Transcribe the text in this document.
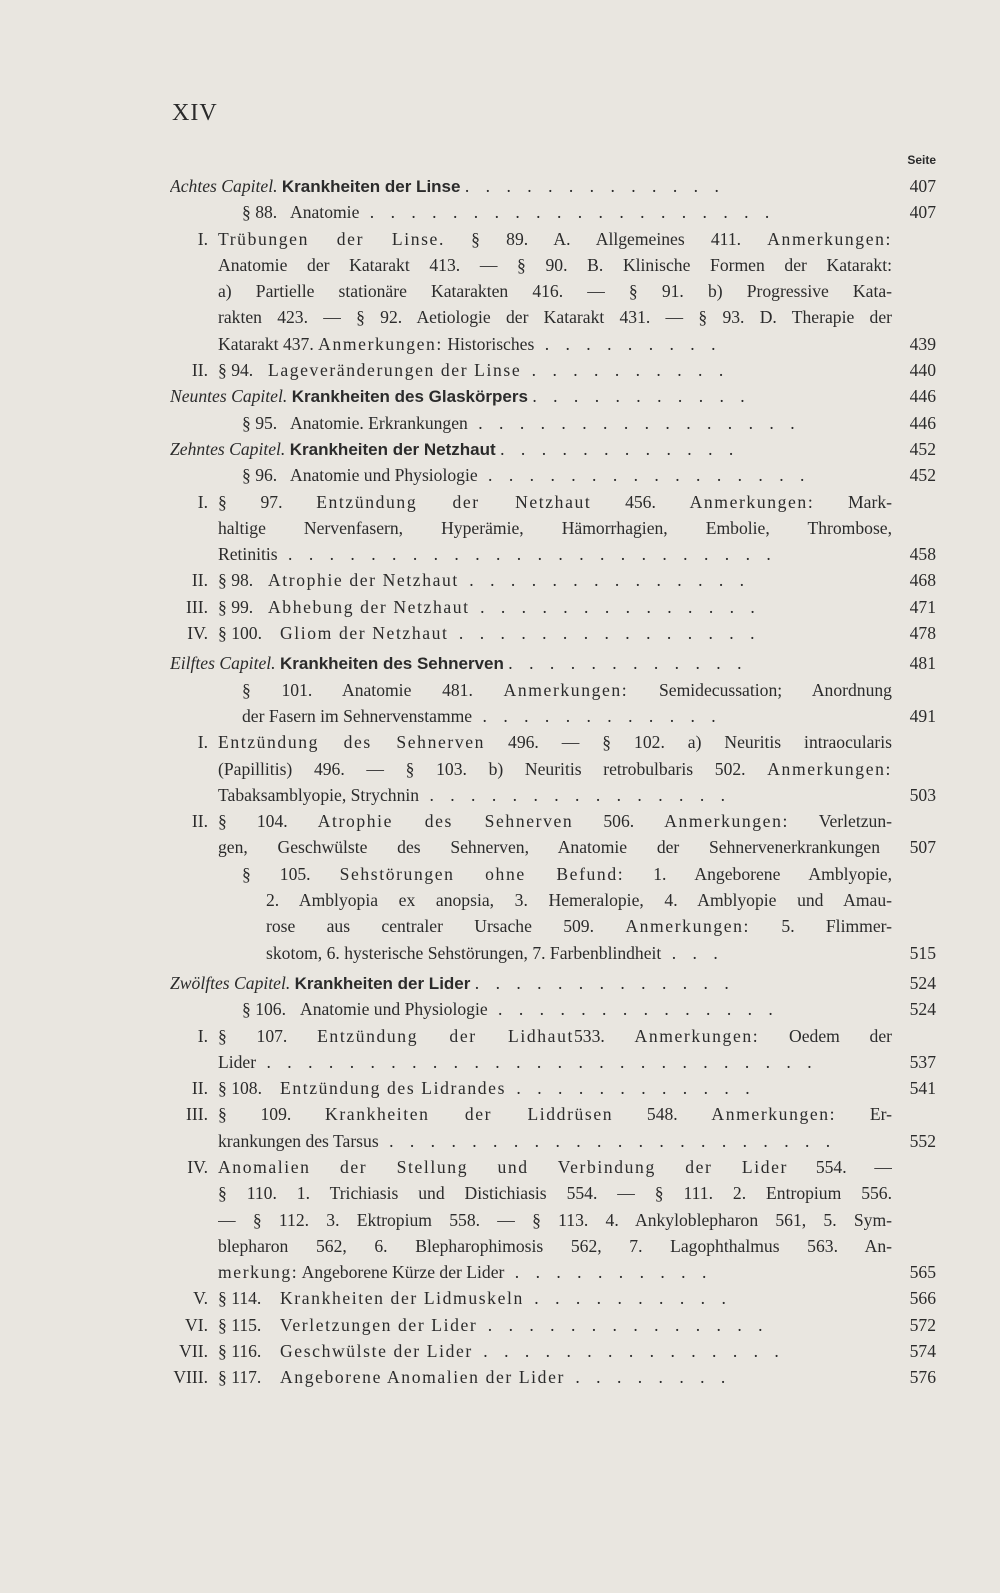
XIV
Seite
Achtes Capitel. Krankheiten der Linse . . . . . . . . . . . . .	407
§ 88. Anatomie . . . . . . . . . . . . . . . . . . . .	407
I. Trübungen der Linse. § 89. A. Allgemeines 411. Anmerkungen:
Anatomie der Katarakt 413. — § 90. B. Klinische Formen der Katarakt:
a) Partielle stationäre Katarakten 416. — § 91. b) Progressive Kata-
rakten 423. — § 92. Aetiologie der Katarakt 431. — § 93. D. Therapie der
Katarakt 437. Anmerkungen: Historisches . . . . . . . . .	439
II. § 94. Lageveränderungen der Linse . . . . . . . . . .	440
Neuntes Capitel. Krankheiten des Glaskörpers . . . . . . . . . . .	446
§ 95. Anatomie. Erkrankungen . . . . . . . . . . . . . . . .	446
Zehntes Capitel. Krankheiten der Netzhaut . . . . . . . . . . . .	452
§ 96. Anatomie und Physiologie . . . . . . . . . . . . . . . .	452
I. § 97. Entzündung der Netzhaut 456. Anmerkungen: Mark-
haltige Nervenfasern, Hyperämie, Hämorrhagien, Embolie, Thrombose,
Retinitis . . . . . . . . . . . . . . . . . . . . . . . .	458
II. § 98. Atrophie der Netzhaut . . . . . . . . . . . . . .	468
III. § 99. Abhebung der Netzhaut . . . . . . . . . . . . . .	471
IV. § 100. Gliom der Netzhaut . . . . . . . . . . . . . . .	478
Eilftes Capitel. Krankheiten des Sehnerven . . . . . . . . . . . .	481
§ 101. Anatomie 481. Anmerkungen: Semidecussation; Anordnung
der Fasern im Sehnervenstamme . . . . . . . . . . . .	491
I. Entzündung des Sehnerven 496. — § 102. a) Neuritis intraocularis
(Papillitis) 496. — § 103. b) Neuritis retrobulbaris 502. Anmerkungen:
Tabaksamblyopie, Strychnin . . . . . . . . . . . . . . .	503
II. § 104. Atrophie des Sehnerven 506. Anmerkungen: Verletzun-
gen, Geschwülste des Sehnerven, Anatomie der Sehnervenerkrankungen	507
§ 105. Sehstörungen ohne Befund: 1. Angeborene Amblyopie,
2. Amblyopia ex anopsia, 3. Hemeralopie, 4. Amblyopie und Amau-
rose aus centraler Ursache 509. Anmerkungen: 5. Flimmer-
skotom, 6. hysterische Sehstörungen, 7. Farbenblindheit . . .	515
Zwölftes Capitel. Krankheiten der Lider . . . . . . . . . . . . .	524
§ 106. Anatomie und Physiologie . . . . . . . . . . . . . .	524
I. § 107. Entzündung der Lidhaut533. Anmerkungen: Oedem der
Lider . . . . . . . . . . . . . . . . . . . . . . . . . . .	537
II. § 108. Entzündung des Lidrandes . . . . . . . . . . . .	541
III. § 109. Krankheiten der Liddrüsen 548. Anmerkungen: Er-
krankungen des Tarsus . . . . . . . . . . . . . . . . . . . . . .	552
IV. Anomalien der Stellung und Verbindung der Lider 554. —
§ 110. 1. Trichiasis und Distichiasis 554. — § 111. 2. Entropium 556.
— § 112. 3. Ektropium 558. — § 113. 4. Ankyloblepharon 561, 5. Sym-
blepharon 562, 6. Blepharophimosis 562, 7. Lagophthalmus 563. An-
merkung: Angeborene Kürze der Lider . . . . . . . . . .	565
V. § 114. Krankheiten der Lidmuskeln . . . . . . . . . .	566
VI. § 115. Verletzungen der Lider . . . . . . . . . . . . . .	572
VII. § 116. Geschwülste der Lider . . . . . . . . . . . . . . .	574
VIII. § 117. Angeborene Anomalien der Lider . . . . . . . .	576
